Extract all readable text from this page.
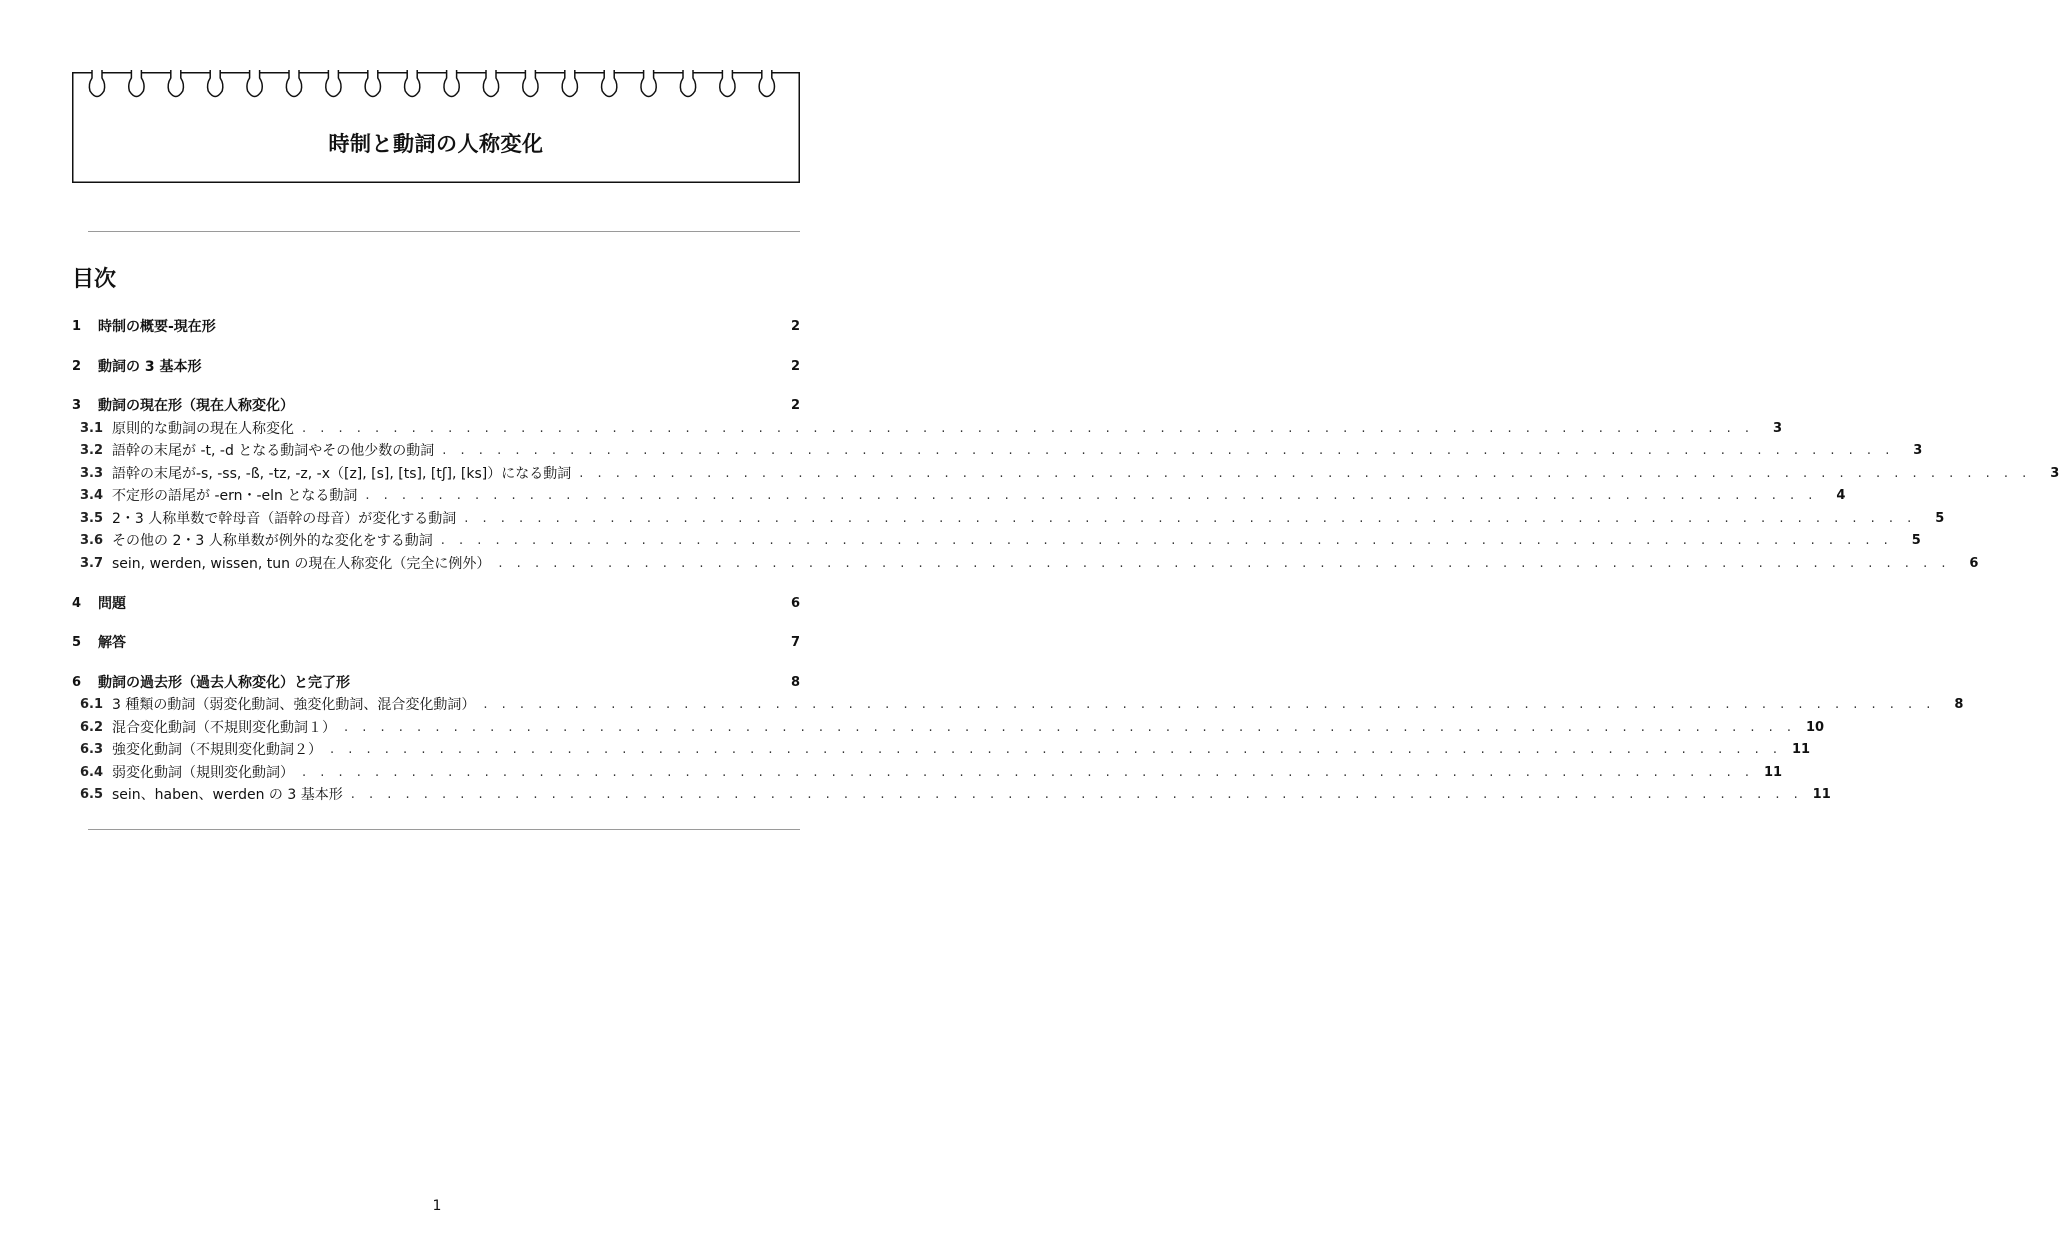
時制と動詞の人称変化
目次
1	時制の概要-現在形	2
2	動詞の 3 基本形	2
3	動詞の現在形（現在人称変化）	2
3.1 原則的な動詞の現在人称変化 . . . . . . . . . . . . . . . . . . . . . . . . . . . . . . . . . . . . . . . . . . . . . . . . . . . . . . . . . . . . . . . . . . . . . . . . . . . . . . . .	3
3.2 語幹の末尾が -t, -d となる動詞やその他少数の動詞 . . . . . . . . . . . . . . . . . . . . . . . . . . . . . . . . . . . . . . . . . . . . . . . . . . . . . . . . . . . . . . . . . . . . . . . . . . . . . . . .	3
3.3 語幹の末尾が-s, -ss, -ß, -tz, -z, -x（[z], [s], [ts], [tʃ], [ks]）になる動詞 . . . . . . . . . . . . . . . . . . . . . . . . . . . . . . . . . . . . . . . . . . . . . . . . . . . . . . . . . . . . . . . . . . . . . . . . . . . . . . . .	3
3.4 不定形の語尾が -ern・-eln となる動詞 . . . . . . . . . . . . . . . . . . . . . . . . . . . . . . . . . . . . . . . . . . . . . . . . . . . . . . . . . . . . . . . . . . . . . . . . . . . . . . . .	4
3.5 2・3 人称単数で幹母音（語幹の母音）が変化する動詞 . . . . . . . . . . . . . . . . . . . . . . . . . . . . . . . . . . . . . . . . . . . . . . . . . . . . . . . . . . . . . . . . . . . . . . . . . . . . . . . .	5
3.6 その他の 2・3 人称単数が例外的な変化をする動詞 . . . . . . . . . . . . . . . . . . . . . . . . . . . . . . . . . . . . . . . . . . . . . . . . . . . . . . . . . . . . . . . . . . . . . . . . . . . . . . . .	5
3.7 sein, werden, wissen, tun の現在人称変化（完全に例外） . . . . . . . . . . . . . . . . . . . . . . . . . . . . . . . . . . . . . . . . . . . . . . . . . . . . . . . . . . . . . . . . . . . . . . . . . . . . . . . .	6
4	問題	6
5	解答	7
6	動詞の過去形（過去人称変化）と完了形	8
6.1 3 種類の動詞（弱変化動詞、強変化動詞、混合変化動詞） . . . . . . . . . . . . . . . . . . . . . . . . . . . . . . . . . . . . . . . . . . . . . . . . . . . . . . . . . . . . . . . . . . . . . . . . . . . . . . . .	8
6.2 混合変化動詞（不規則変化動詞１） . . . . . . . . . . . . . . . . . . . . . . . . . . . . . . . . . . . . . . . . . . . . . . . . . . . . . . . . . . . . . . . . . . . . . . . . . . . . . . . . 10
6.3 強変化動詞（不規則変化動詞２） . . . . . . . . . . . . . . . . . . . . . . . . . . . . . . . . . . . . . . . . . . . . . . . . . . . . . . . . . . . . . . . . . . . . . . . . . . . . . . . . 11
6.4 弱変化動詞（規則変化動詞） . . . . . . . . . . . . . . . . . . . . . . . . . . . . . . . . . . . . . . . . . . . . . . . . . . . . . . . . . . . . . . . . . . . . . . . . . . . . . . . . 11
6.5 sein、haben、werden の 3 基本形 . . . . . . . . . . . . . . . . . . . . . . . . . . . . . . . . . . . . . . . . . . . . . . . . . . . . . . . . . . . . . . . . . . . . . . . . . . . . . . . . 11
1
